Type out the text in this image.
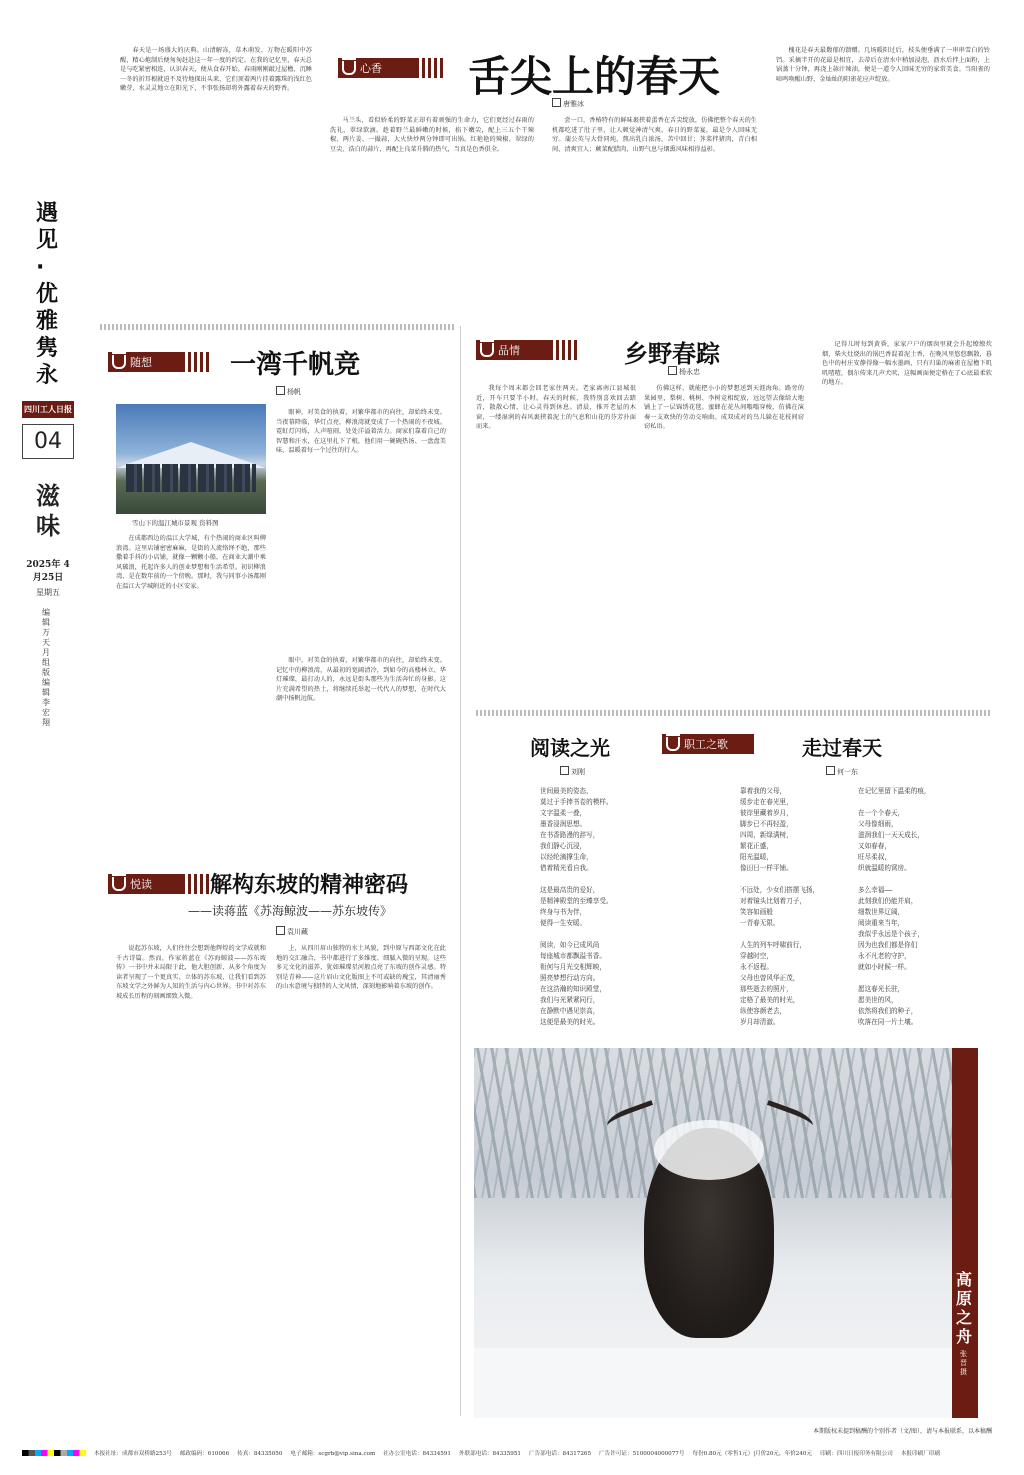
遇见·优雅隽永
四川工人日报
04
滋味
2025年 4月25日
星期五
编辑 万天月 组版编辑 李宏翔
春天是一场盛大的庆典。山清解冻，草木萌发，万物在暖阳中苏醒，精心炮制后便匆匆赶赴这一年一度的约定。在我的记忆里，春天总是与吃紧密相连，认识春天，便从食春开始。春雨刚刚敲过屋檐，沉睡一冬的折耳根就迫不及待地探出头来，它们顶着两片挂着露珠的浅红色嫩芽，水灵灵地立在阳光下，不事张扬却将外露着春天的野香。
心香 舌尖上的春天
唐雅冰
马兰头，看似娇柔的野菜正却有着顽强的生命力，它们更经过春雨的洗礼，翠绿欲滴。趁着野兰最鲜嫩的时候，掐下嫩尖，配上三五个干辣椒、两片姜、一撮蒜，大火快炒两分钟即可出锅。红艳艳的辣椒、翠绿的豆尖、浩白的蒜片，再配上良菜升腾的热气，当真是色香俱全。
尝一口，香椿特有的鲜味裹挟着蛋香在舌尖绽放，仿佛把整个春天的生机都吃进了肚子里，让人顿觉神清气爽。春日的野菜宴，最是令人回味无穷。蒲公英与大骨同炖，熬出乳白浓汤，苦中回甘；荠菜拌猪肉，青白相间，清爽宜人；蕨菜配腊肉，山野气息与烟熏风味相得益彰。
槐花是春天最馥郁的馈赠。几场暖阳过后，枝头便垂满了一串串雪白的铃铛。采摘半开的花最是相宜，去蒂后在清水中稍加浸泡，沥水后拌上面粉，上锅蒸十分钟，再浇上蒜汁辣油，便是一道令人回味无穷的家常美食。当阳雀的啼鸣唤醒山野，金灿灿的阳雀花应声绽放。
随想	一湾千帆竞
杨帆
雪山下的温江城市景观 资料图
在成都西边的温江大学城，有个热闹的商业区叫柳浪湾。这里店铺密密麻麻，是街的人流络绎不绝，那些撒着手抖的小店铺，就像一颗颗小船，在商业大潮中乘风破浪，托起许多人的创业梦想和生活希望。初识柳浪湾，是在数年前的一个傍晚。那时，我与同事小汤都刚在温江大学城附近的小区安家。
眼神，对美食的执着，对繁华都市的向往，却始终未变。当夜幕降临，华灯点亮，柳浪湾就变成了一个热闹的不夜城。霓虹灯闪烁，人声喧闹，处处洋溢着活力。商家们靠着自己的智慧和汗水，在这里扎下了根，他们用一碗碗热汤、一盘盘美味，温暖着每一个过往的行人。
眼中，对美食的执着，对繁华都市的向往，却始终未变。记忆中的柳浪湾，从最初的宽阔清冷，到如今的高楼林立、华灯璀璨，最打动人的，永远是街头那些为生活奔忙的身影。这片充满希望的热土，将继续托举起一代代人的梦想，在时代大潮中扬帆远航。
悦读	解构东坡的精神密码
——读蒋蓝《苏海鲸波——苏东坡传》
袁川藏
说起苏东坡，人们往往会想到他辉煌的文学成就和千古诗篇。然而，作家蒋蓝在《苏海鲸波——苏东坡传》一书中并未局限于此，他大胆创新，从多个角度为读者呈现了一个更真实、立体的苏东坡，让我们看到苏东坡文学之外鲜为人知的生活与内心世界。书中对苏东坡成长历程的刻画细致入微。
上，从四川眉山独特的水土风貌，到中原与西部文化在此地的交汇融合，书中都进行了多维度、细腻入微的呈现。这些多元文化的滋养，犹如璀璨星河般点亮了东坡的创作灵感。特别是青神——这片眉山文化版图上不可或缺的瑰宝，其清丽秀的山水意境与独特的人文风情，深刻地影响着东坡的创作。
品情	乡野春踪
杨永忠
我每个周末都会回老家住两天。老家离南江县城很近，开车只要半小时。春天的时候，我特别喜欢回去踏青，散散心情，让心灵得到休息。清晨，推开老屋的木窗，一缕湿润的春风裹挟着泥土的气息和山花的芬芳扑面而来。
仿佛这样，就能把小小的梦想送到天涯海角。路旁的果园里，梨树、桃树、李树竞相绽放，远远望去像给大地铺上了一层锦绣花毯。蜜蜂在花丛间嗡嗡穿梭，仿佛在演奏一支欢快的劳动交响曲。成双成对的鸟儿躲在花枝间窃窃私语。
记得儿时每到黄昏，家家户户的烟囱里就会升起缭缭炊烟，柴火灶烧出的锅巴香混着泥土香，在晚风里悠悠飘散，暮色中的村庄安静得像一幅水墨画，只有归巢的麻雀在屋檐下叽叽喳喳，偶尔传来几声犬吠，这幅画面便定格在了心底最柔软的地方。
阅读之光
刘刚
世间最美的姿态，
莫过于手捧书卷的模样。
文字温柔一叠，
墨香浸润思想。
在书香路漫的辞写，
我们静心沉浸，
以经纶滴撑生命，
借着精光看自我。

这是最高贵的爱好，
是精神殿堂的至臻享受。
终身与书为伴，
便得一生安暖。

阅读，如今已成风尚
每座城市都飘溢书香。
衔何与月光交相辉映，
照亮梦想行动方向。
在这浩瀚的知识殿堂，
我们与光紧紧同行，
在静默中遇见崇高，
这便是最美的时光。
职工之歌	走过春天
何一东
靠着我的父母，
缓步走在春光里，
彼岸里藏着岁月，
脚步已不再轻盈，
四周，新绿满树，
繁花正盛，
阳光温暖，
像田日一样平铺。

不远处，少女们搭摆飞扬，
对着镜头比划着刀子，
笑容如画般
一青春无限。

人生的列车呼啸前行，
穿越时空，
永不返程。
父母也曾风华正茂，
那些逝去的照片，
定格了最美的时光，
纵使容颜老去，
岁月却清澈。
在记忆里留下温柔的痕，

在一个个春天，
父母像细雨，
滋润我们一天天成长，
又如春春，
旺尽柔叔，
织就温暖的窝房。

多么幸福——
此刻我们仍能并肩，
细数世界辽阔，
阅读重来当年，
我似乎永远是个孩子，
因为也我们都是你们
永不凡老的守护，
就如小时候一样。

愿这春光长驻，
愿美世的风，
依然将我们的种子，
吹落在同一片土壤。
高原之舟
张晋摄
本期版权未提到稿酬的个别作者（文/图），请与本报联系，以本稿酬
本报社址：成都市双桥路253号 邮政编码：610066 传真：84335050 电子邮箱：scgrb@vip.sina.com 社办公室电话：84334591 外联部电话：84335951 广告部电话：84317265 广告许可证：5100004000077号 每份0.80元（零售1元）|月价20元，年价240元 印刷：四川日报印务有限公司 本报印刷厂印刷
